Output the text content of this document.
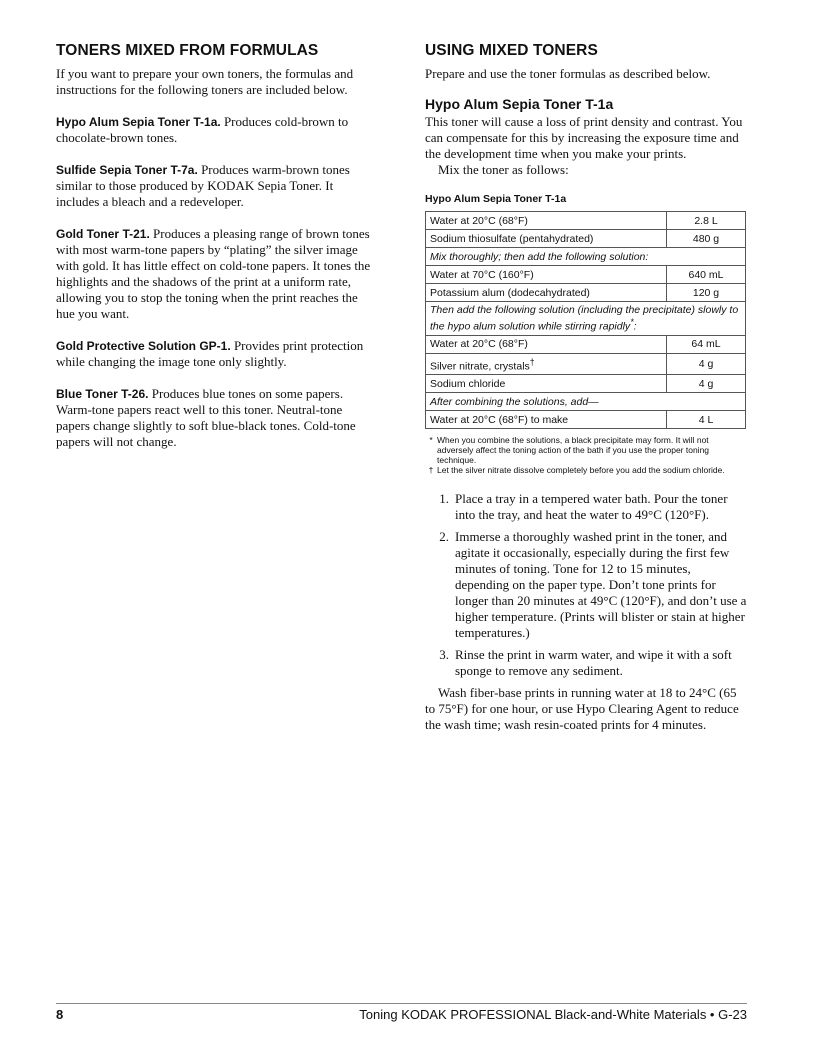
TONERS MIXED FROM FORMULAS

If you want to prepare your own toners, the formulas and instructions for the following toners are included below.

Hypo Alum Sepia Toner T-1a. Produces cold-brown to chocolate-brown tones.

Sulfide Sepia Toner T-7a. Produces warm-brown tones similar to those produced by KODAK Sepia Toner. It includes a bleach and a redeveloper.

Gold Toner T-21. Produces a pleasing range of brown tones with most warm-tone papers by “plating” the silver image with gold. It has little effect on cold-tone papers. It tones the highlights and the shadows of the print at a uniform rate, allowing you to stop the toning when the print reaches the hue you want.

Gold Protective Solution GP-1. Provides print protection while changing the image tone only slightly.

Blue Toner T-26. Produces blue tones on some papers. Warm-tone papers react well to this toner. Neutral-tone papers change slightly to soft blue-black tones. Cold-tone papers will not change.

USING MIXED TONERS

Prepare and use the toner formulas as described below.

Hypo Alum Sepia Toner T-1a

This toner will cause a loss of print density and contrast. You can compensate for this by increasing the exposure time and the development time when you make your prints.

Mix the toner as follows:

Hypo Alum Sepia Toner T-1a
Water at 20°C (68°F)	2.8 L
Sodium thiosulfate (pentahydrated)	480 g
Mix thoroughly; then add the following solution:	
Water at 70°C (160°F)	640 mL
Potassium alum (dodecahydrated)	120 g
Then add the following solution (including the precipitate) slowly to the hypo alum solution while stirring rapidly*:	
Water at 20°C (68°F)	64 mL
Silver nitrate, crystals†	4 g
Sodium chloride	4 g
After combining the solutions, add—	
Water at 20°C (68°F) to make	4 L
* When you combine the solutions, a black precipitate may form. It will not adversely affect the toning action of the bath if you use the proper toning technique.
† Let the silver nitrate dissolve completely before you add the sodium chloride.
1. Place a tray in a tempered water bath. Pour the toner into the tray, and heat the water to 49°C (120°F).
2. Immerse a thoroughly washed print in the toner, and agitate it occasionally, especially during the first few minutes of toning. Tone for 12 to 15 minutes, depending on the paper type. Don’t tone prints for longer than 20 minutes at 49°C (120°F), and don’t use a higher temperature. (Prints will blister or stain at higher temperatures.)
3. Rinse the print in warm water, and wipe it with a soft sponge to remove any sediment.

Wash fiber-base prints in running water at 18 to 24°C (65 to 75°F) for one hour, or use Hypo Clearing Agent to reduce the wash time; wash resin-coated prints for 4 minutes.

8	Toning KODAK PROFESSIONAL Black-and-White Materials • G-23
